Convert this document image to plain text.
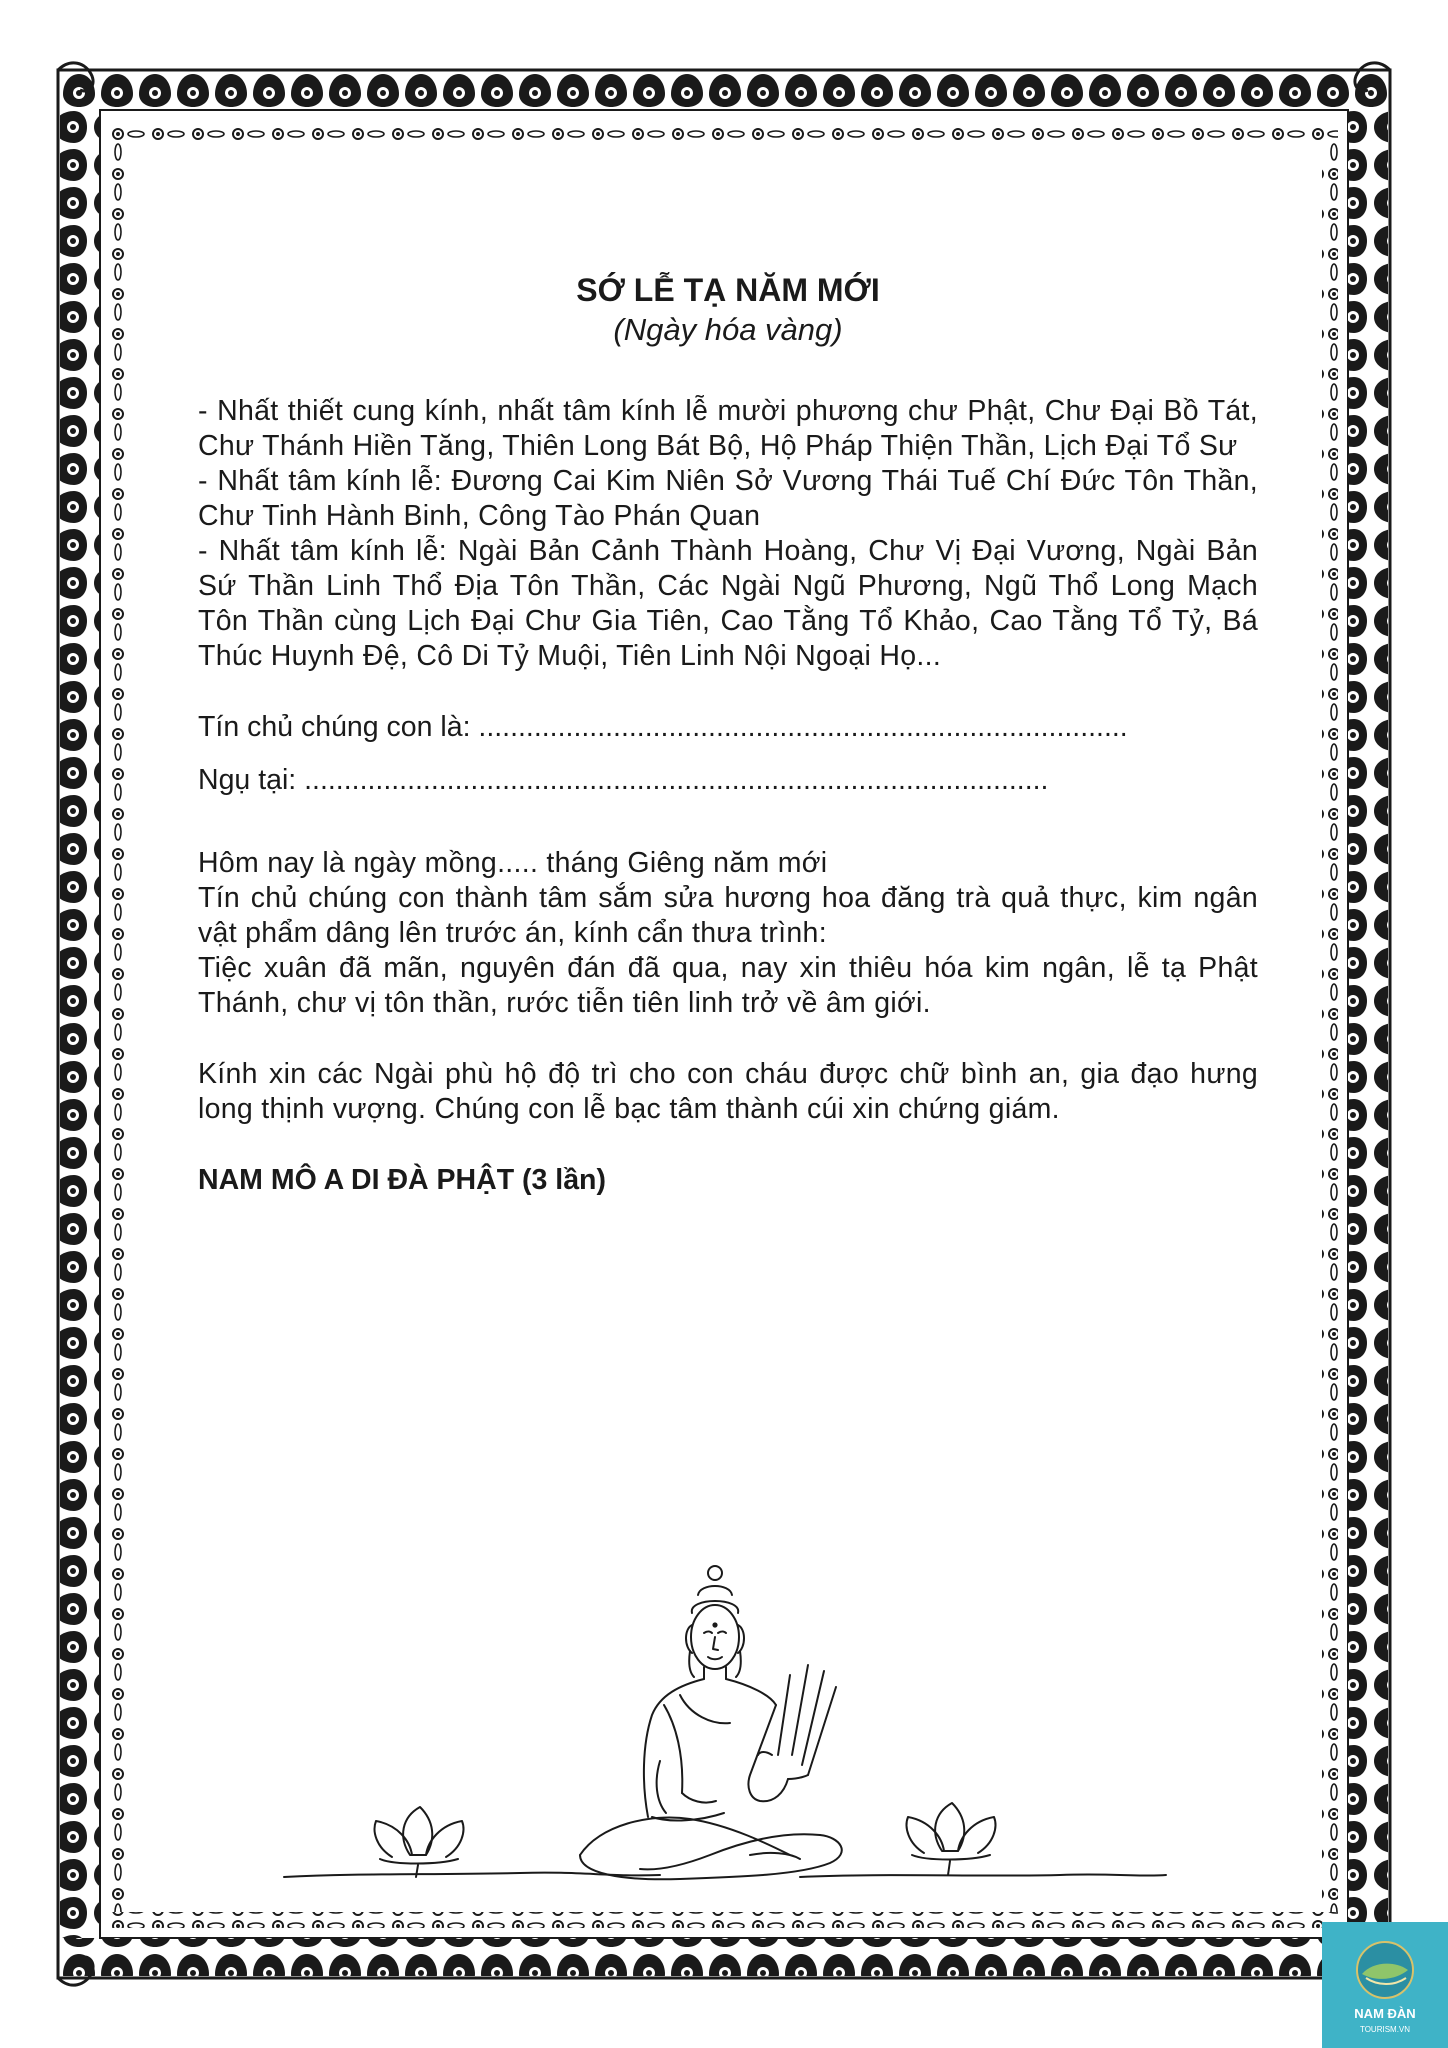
SỚ LỄ TẠ NĂM MỚI

(Ngày hóa vàng)

- Nhất thiết cung kính, nhất tâm kính lễ mười phương chư Phật, Chư Đại Bồ Tát, Chư Thánh Hiền Tăng, Thiên Long Bát Bộ, Hộ Pháp Thiện Thần, Lịch Đại Tổ Sư

- Nhất tâm kính lễ: Đương Cai Kim Niên Sở Vương Thái Tuế Chí Đức Tôn Thần, Chư Tinh Hành Binh, Công Tào Phán Quan

- Nhất tâm kính lễ: Ngài Bản Cảnh Thành Hoàng, Chư Vị Đại Vương, Ngài Bản Sứ Thần Linh Thổ Địa Tôn Thần, Các Ngài Ngũ Phương, Ngũ Thổ Long Mạch Tôn Thần cùng Lịch Đại Chư Gia Tiên, Cao Tằng Tổ Khảo, Cao Tằng Tổ Tỷ, Bá Thúc Huynh Đệ, Cô Di Tỷ Muội, Tiên Linh Nội Ngoại Họ...

Tín chủ chúng con là: ..................................................................................

Ngụ tại: ..............................................................................................

Hôm nay là ngày mồng..... tháng Giêng năm mới

Tín chủ chúng con thành tâm sắm sửa hương hoa đăng trà quả thực, kim ngân vật phẩm dâng lên trước án, kính cẩn thưa trình:

Tiệc xuân đã mãn, nguyên đán đã qua, nay xin thiêu hóa kim ngân, lễ tạ Phật Thánh, chư vị tôn thần, rước tiễn tiên linh trở về âm giới.

Kính xin các Ngài phù hộ độ trì cho con cháu được chữ bình an, gia đạo hưng long thịnh vượng. Chúng con lễ bạc tâm thành cúi xin chứng giám.

NAM MÔ A DI ĐÀ PHẬT (3 lần)

NAM ĐÀN
TOURISM.VN
